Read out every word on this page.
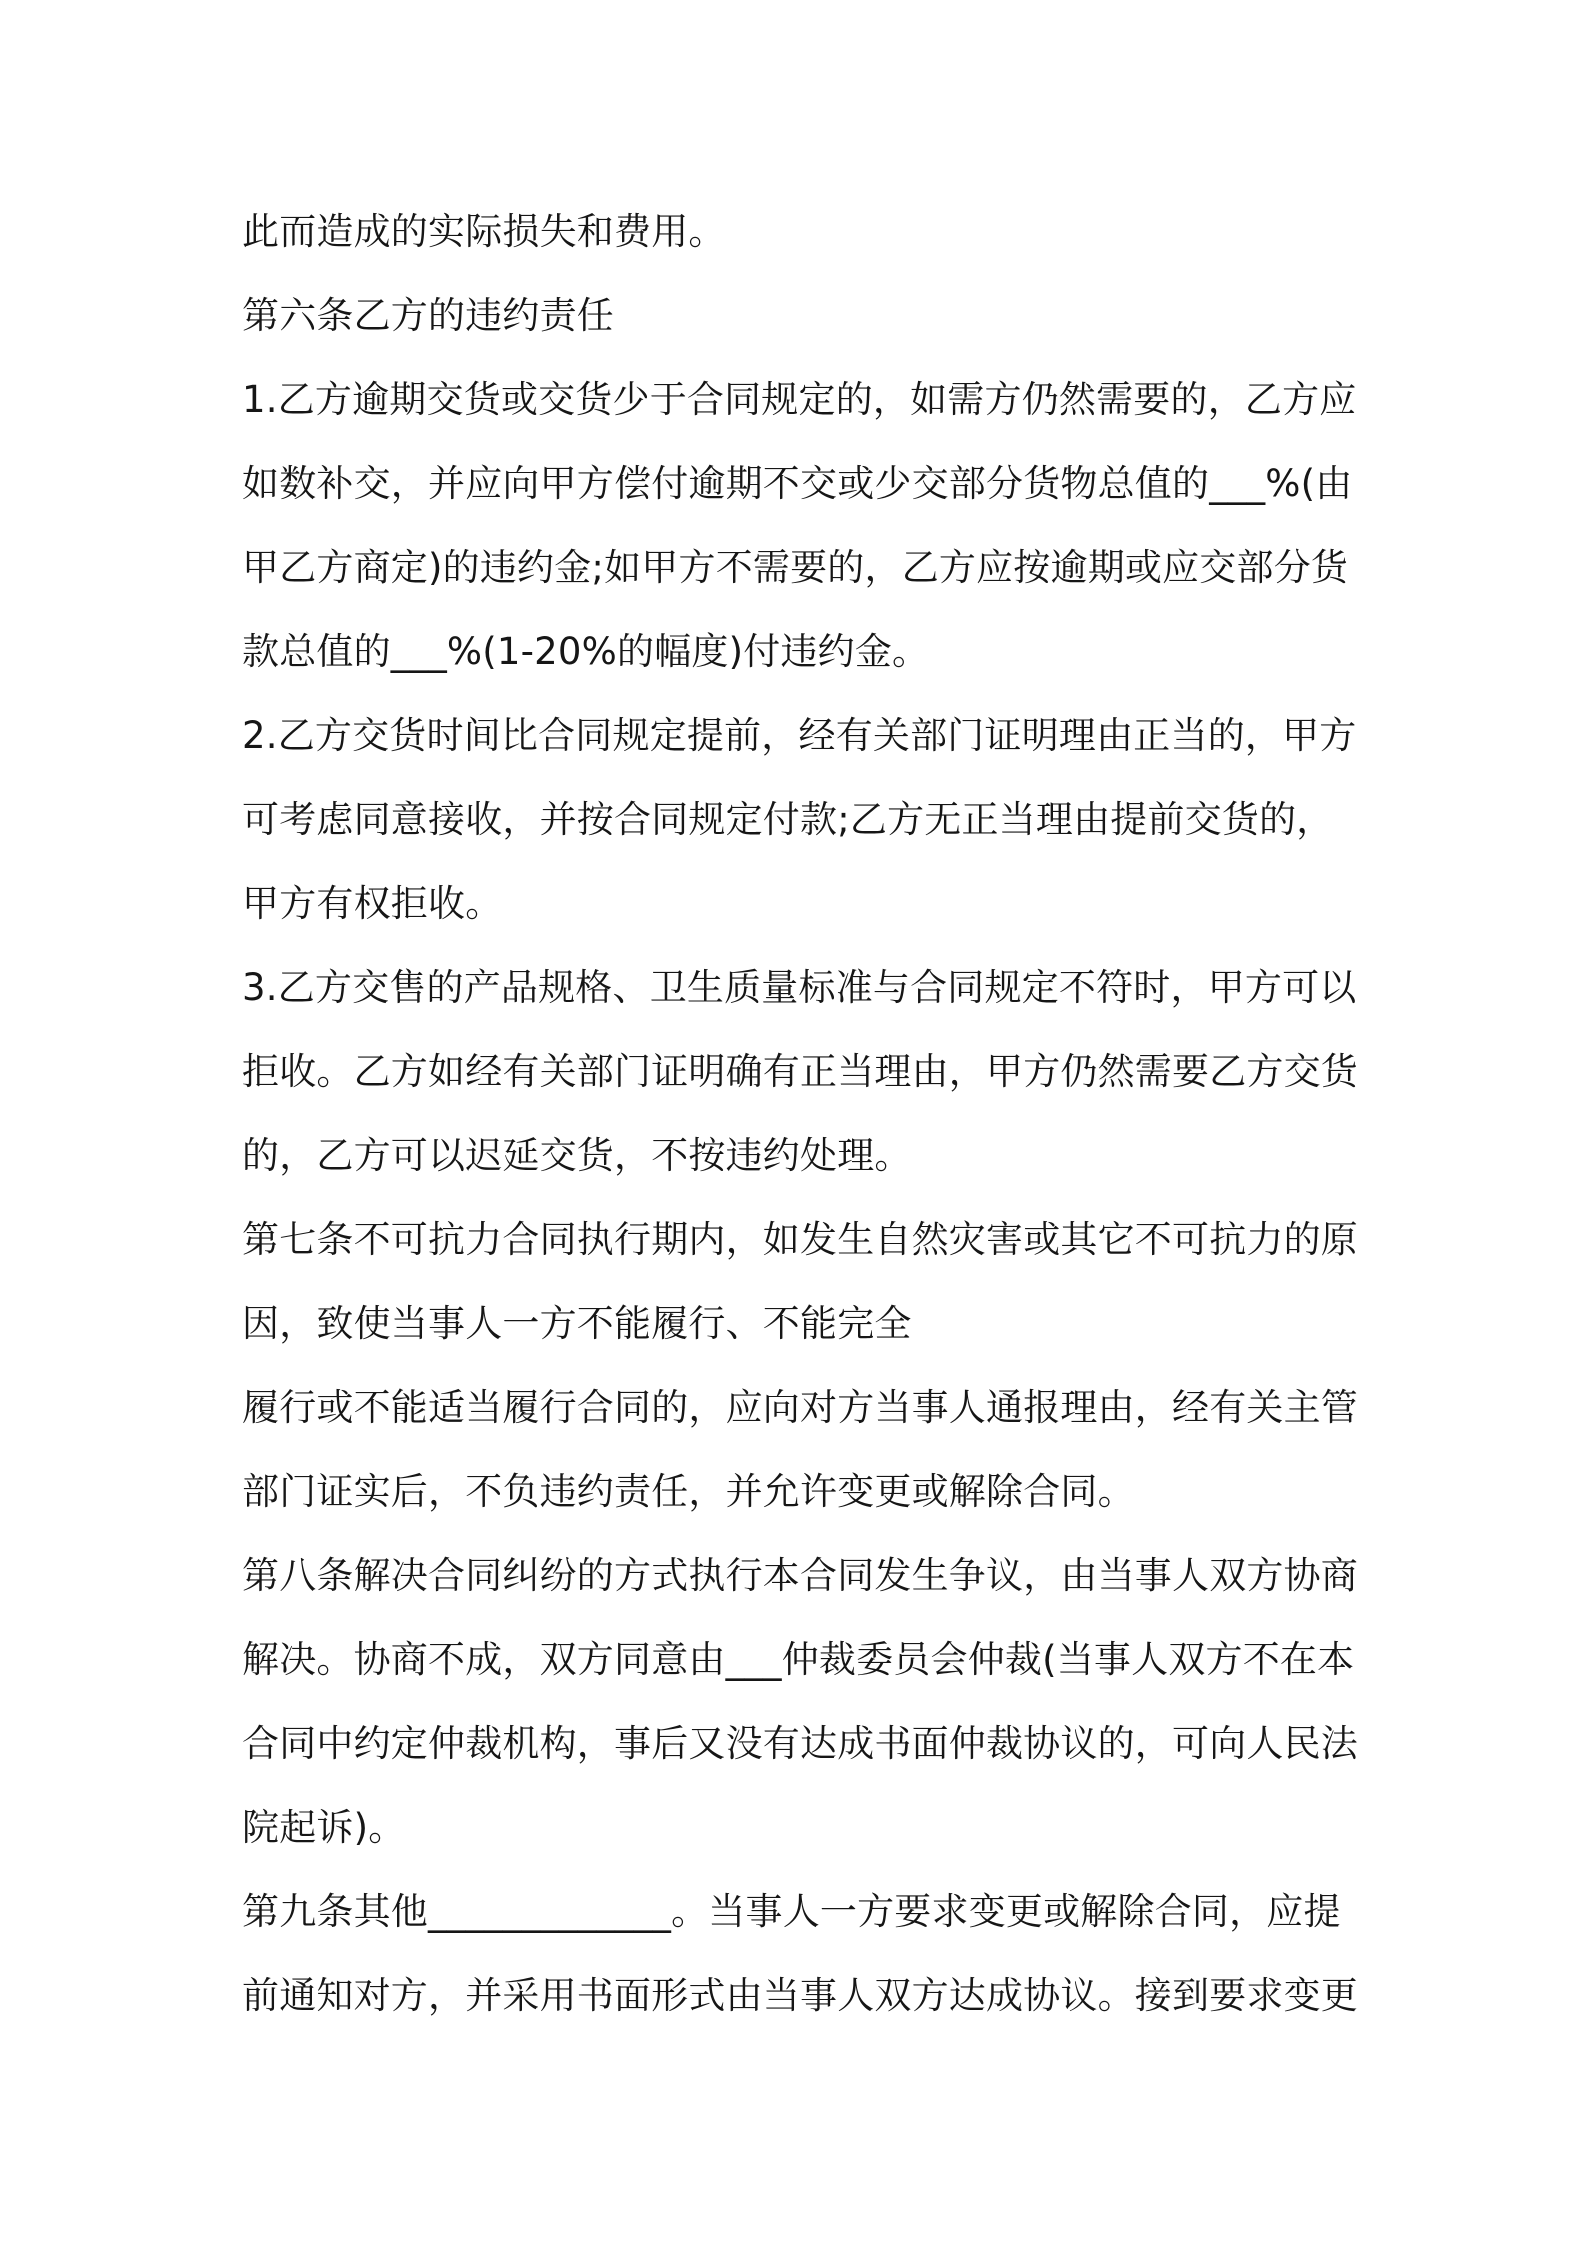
此而造成的实际损失和费用。
第六条乙方的违约责任
1.乙方逾期交货或交货少于合同规定的，如需方仍然需要的，乙方应
如数补交，并应向甲方偿付逾期不交或少交部分货物总值的___%(由
甲乙方商定)的违约金;如甲方不需要的，乙方应按逾期或应交部分货
款总值的___%(1-20%的幅度)付违约金。
2.乙方交货时间比合同规定提前，经有关部门证明理由正当的，甲方
可考虑同意接收，并按合同规定付款;乙方无正当理由提前交货的，
甲方有权拒收。
3.乙方交售的产品规格、卫生质量标准与合同规定不符时，甲方可以
拒收。乙方如经有关部门证明确有正当理由，甲方仍然需要乙方交货
的，乙方可以迟延交货，不按违约处理。
第七条不可抗力合同执行期内，如发生自然灾害或其它不可抗力的原
因，致使当事人一方不能履行、不能完全
履行或不能适当履行合同的，应向对方当事人通报理由，经有关主管
部门证实后，不负违约责任，并允许变更或解除合同。
第八条解决合同纠纷的方式执行本合同发生争议，由当事人双方协商
解决。协商不成，双方同意由___仲裁委员会仲裁(当事人双方不在本
合同中约定仲裁机构，事后又没有达成书面仲裁协议的，可向人民法
院起诉)。
第九条其他_____________。当事人一方要求变更或解除合同，应提
前通知对方，并采用书面形式由当事人双方达成协议。接到要求变更
